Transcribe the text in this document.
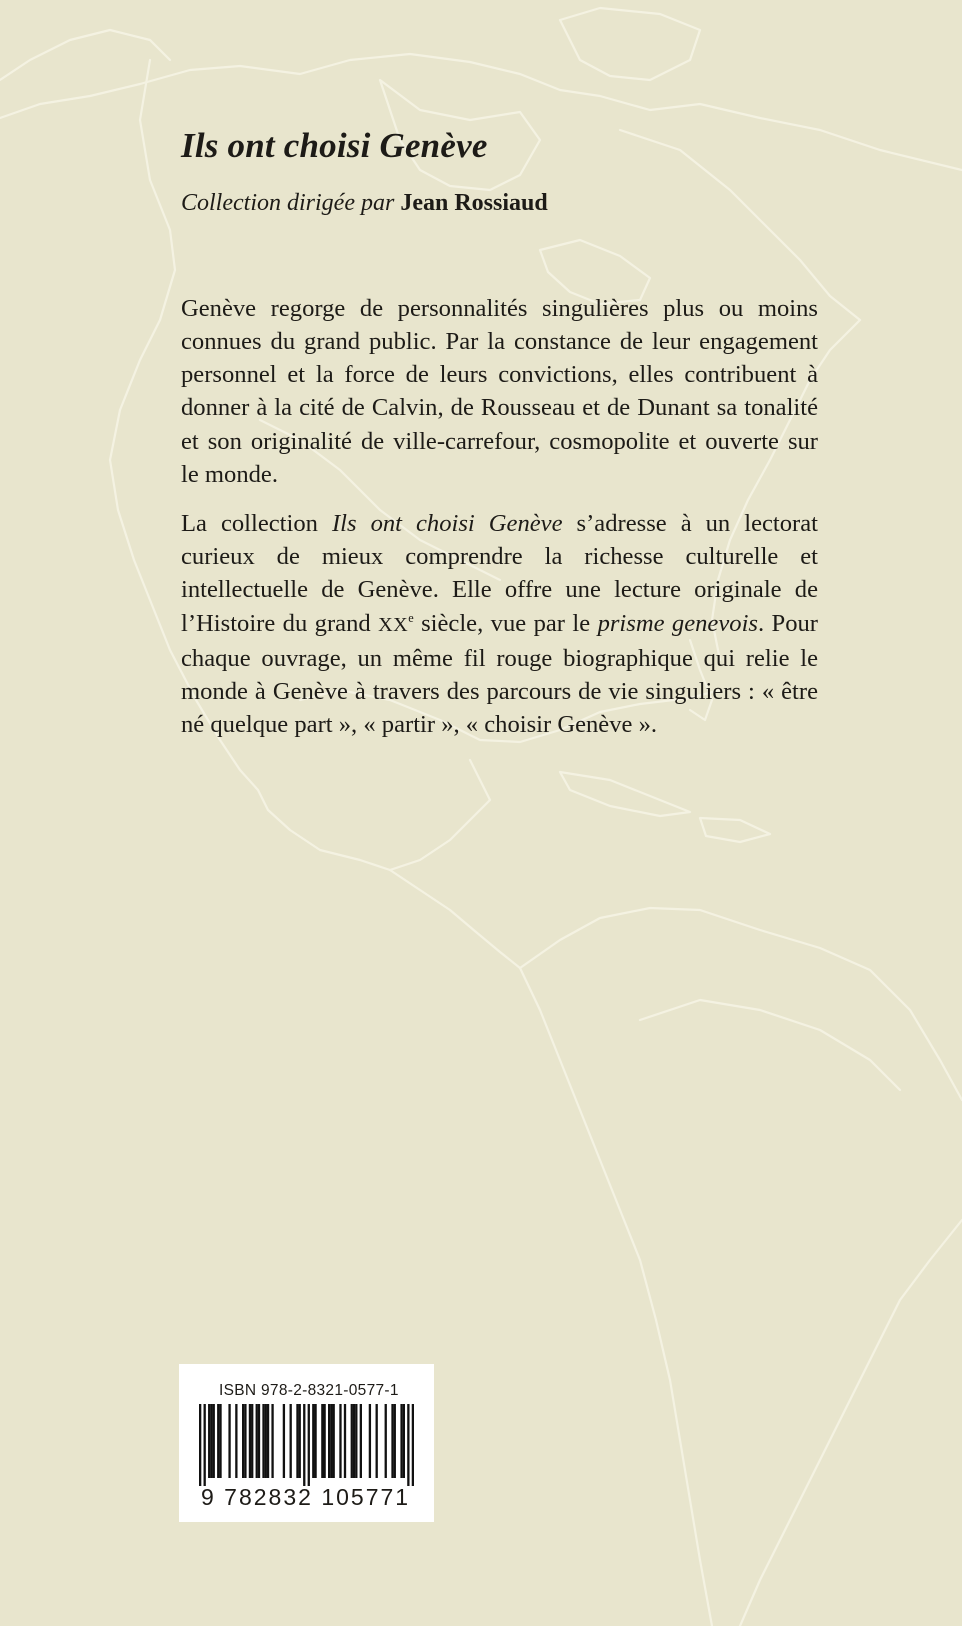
Ils ont choisi Genève

Collection dirigée par Jean Rossiaud

Genève regorge de personnalités singulières plus ou moins connues du grand public. Par la constance de leur engagement personnel et la force de leurs convictions, elles contribuent à donner à la cité de Calvin, de Rousseau et de Dunant sa tonalité et son originalité de ville-carrefour, cosmopolite et ouverte sur le monde.

La collection Ils ont choisi Genève s’adresse à un lectorat curieux de mieux comprendre la richesse culturelle et intellectuelle de Genève. Elle offre une lecture originale de l’Histoire du grand XXe siècle, vue par le prisme genevois. Pour chaque ouvrage, un même fil rouge biographique qui relie le monde à Genève à travers des parcours de vie singuliers : « être né quelque part », « partir », « choisir Genève ».

ISBN 978-2-8321-0577-1
9 782832 105771
